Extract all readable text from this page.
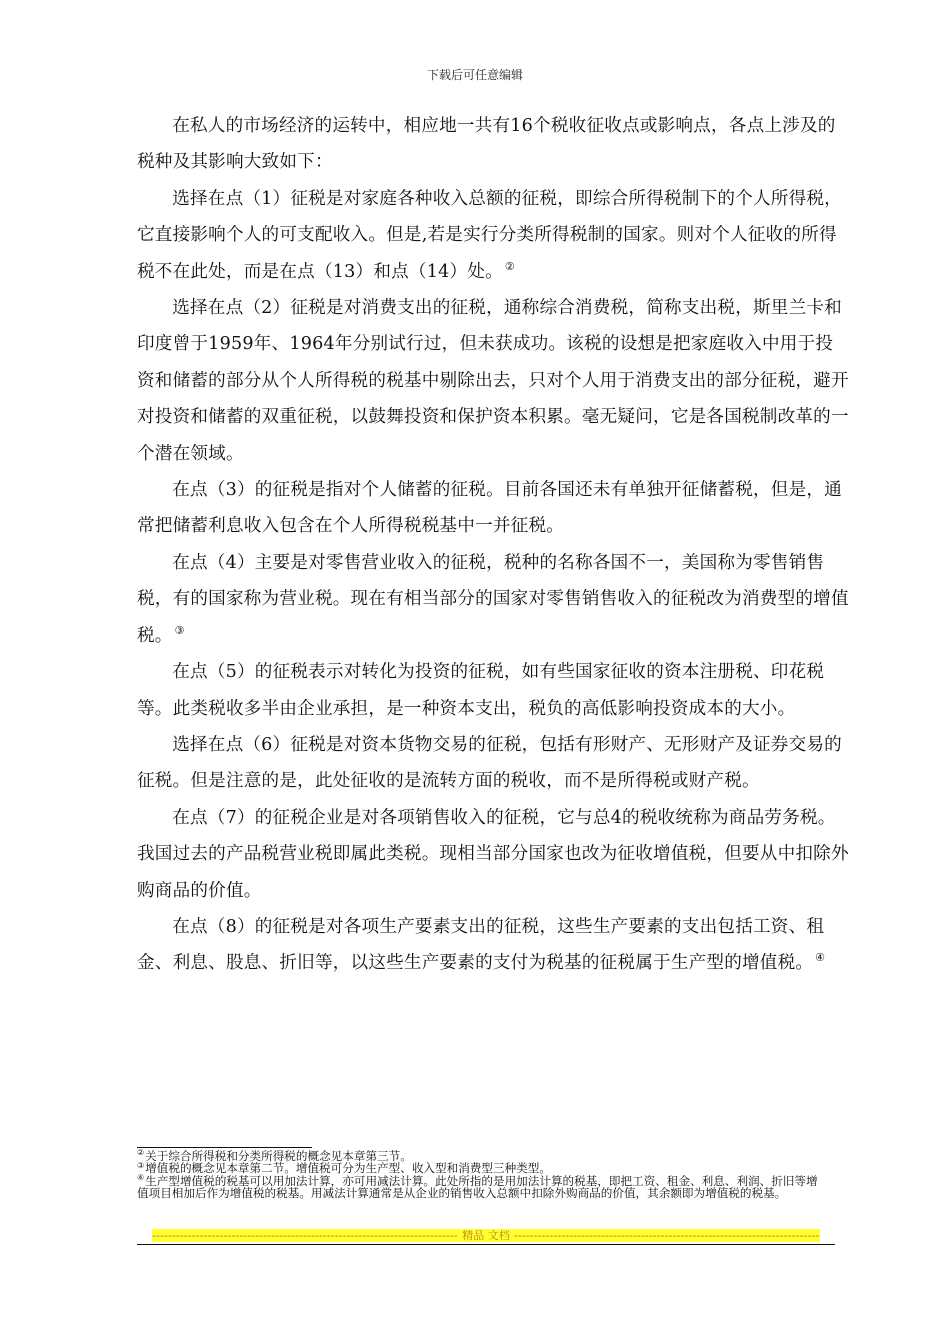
下载后可任意编辑

在私人的市场经济的运转中，相应地一共有16个税收征收点或影响点，各点上涉及的税种及其影响大致如下：

选择在点（1）征税是对家庭各种收入总额的征税，即综合所得税制下的个人所得税，它直接影响个人的可支配收入。但是,若是实行分类所得税制的国家。则对个人征收的所得税不在此处，而是在点（13）和点（14）处。 ②

选择在点（2）征税是对消费支出的征税，通称综合消费税，简称支出税，斯里兰卡和印度曾于1959年、1964年分别试行过，但未获成功。该税的设想是把家庭收入中用于投资和储蓄的部分从个人所得税的税基中剔除出去，只对个人用于消费支出的部分征税，避开对投资和储蓄的双重征税，以鼓舞投资和保护资本积累。毫无疑问，它是各国税制改革的一个潜在领域。

在点（3）的征税是指对个人储蓄的征税。目前各国还未有单独开征储蓄税，但是，通常把储蓄利息收入包含在个人所得税税基中一并征税。

在点（4）主要是对零售营业收入的征税，税种的名称各国不一，美国称为零售销售税，有的国家称为营业税。现在有相当部分的国家对零售销售收入的征税改为消费型的增值税。 ③

在点（5）的征税表示对转化为投资的征税，如有些国家征收的资本注册税、印花税等。此类税收多半由企业承担，是一种资本支出，税负的高低影响投资成本的大小。

选择在点（6）征税是对资本货物交易的征税，包括有形财产、无形财产及证券交易的征税。但是注意的是，此处征收的是流转方面的税收，而不是所得税或财产税。

在点（7）的征税企业是对各项销售收入的征税，它与总4的税收统称为商品劳务税。我国过去的产品税营业税即属此类税。现相当部分国家也改为征收增值税，但要从中扣除外购商品的价值。

在点（8）的征税是对各项生产要素支出的征税，这些生产要素的支出包括工资、租金、利息、股息、折旧等，以这些生产要素的支付为税基的征税属于生产型的增值税。 ④

②关于综合所得税和分类所得税的概念见本章第三节。

③增值税的概念见本章第二节。增值税可分为生产型、收入型和消费型三种类型。

④生产型增值税的税基可以用加法计算，亦可用减法计算。此处所指的是用加法计算的税基，即把工资、租金、利息、利润、折旧等增值项目相加后作为增值税的税基。用减法计算通常是从企业的销售收入总额中扣除外购商品的价值，其余额即为增值税的税基。

-----
精品 文档
-----
